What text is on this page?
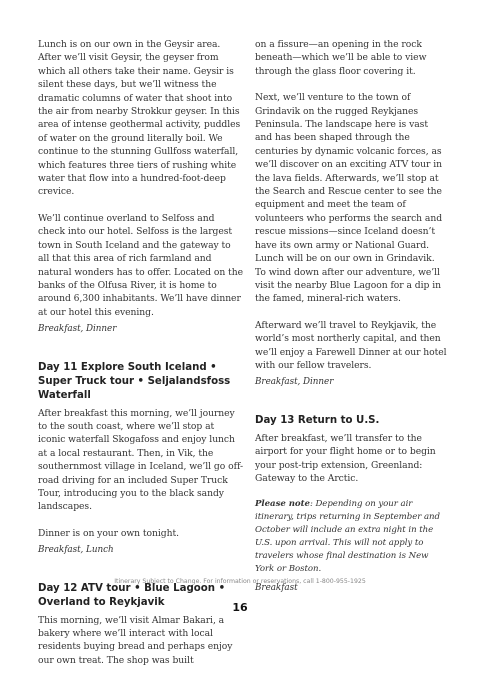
Lunch is on our own in the Geysir area. After we’ll visit Geysir, the geyser from which all others take their name. Geysir is silent these days, but we’ll witness the dramatic columns of water that shoot into the air from nearby Strokkur geyser. In this area of intense geothermal activity, puddles of water on the ground literally boil. We continue to the stunning Gullfoss waterfall, which features three tiers of rushing white water that flow into a hundred-foot-deep crevice.

We’ll continue overland to Selfoss and check into our hotel. Selfoss is the largest town in South Iceland and the gateway to all that this area of rich farmland and natural wonders has to offer. Located on the banks of the Olfusa River, it is home to around 6,300 inhabitants. We’ll have dinner at our hotel this evening.

Breakfast, Dinner

Day 11 Explore South Iceland • Super Truck tour • Seljalandsfoss Waterfall

After breakfast this morning, we’ll journey to the south coast, where we’ll stop at iconic waterfall Skogafoss and enjoy lunch at a local restaurant. Then, in Vik, the southernmost village in Iceland, we’ll go off-road driving for an included Super Truck Tour, introducing you to the black sandy landscapes.

Dinner is on your own tonight.

Breakfast, Lunch

Day 12 ATV tour • Blue Lagoon • Overland to Reykjavik

This morning, we’ll visit Almar Bakari, a bakery where we’ll interact with local residents buying bread and perhaps enjoy our own treat. The shop was built

on a fissure—an opening in the rock beneath—which we’ll be able to view through the glass floor covering it.

Next, we’ll venture to the town of Grindavik on the rugged Reykjanes Peninsula. The landscape here is vast and has been shaped through the centuries by dynamic volcanic forces, as we’ll discover on an exciting ATV tour in the lava fields. Afterwards, we’ll stop at the Search and Rescue center to see the equipment and meet the team of volunteers who performs the search and rescue missions—since Iceland doesn’t have its own army or National Guard. Lunch will be on our own in Grindavik. To wind down after our adventure, we’ll visit the nearby Blue Lagoon for a dip in the famed, mineral-rich waters.

Afterward we’ll travel to Reykjavik, the world’s most northerly capital, and then we’ll enjoy a Farewell Dinner at our hotel with our fellow travelers.

Breakfast, Dinner

Day 13 Return to U.S.

After breakfast, we’ll transfer to the airport for your flight home or to begin your post-trip extension, Greenland: Gateway to the Arctic.

Please note: Depending on your air itinerary, trips returning in September and October will include an extra night in the U.S. upon arrival. This will not apply to travelers whose final destination is New York or Boston.

Breakfast

Itinerary Subject to Change. For information or reservations, call 1-800-955-1925
16
